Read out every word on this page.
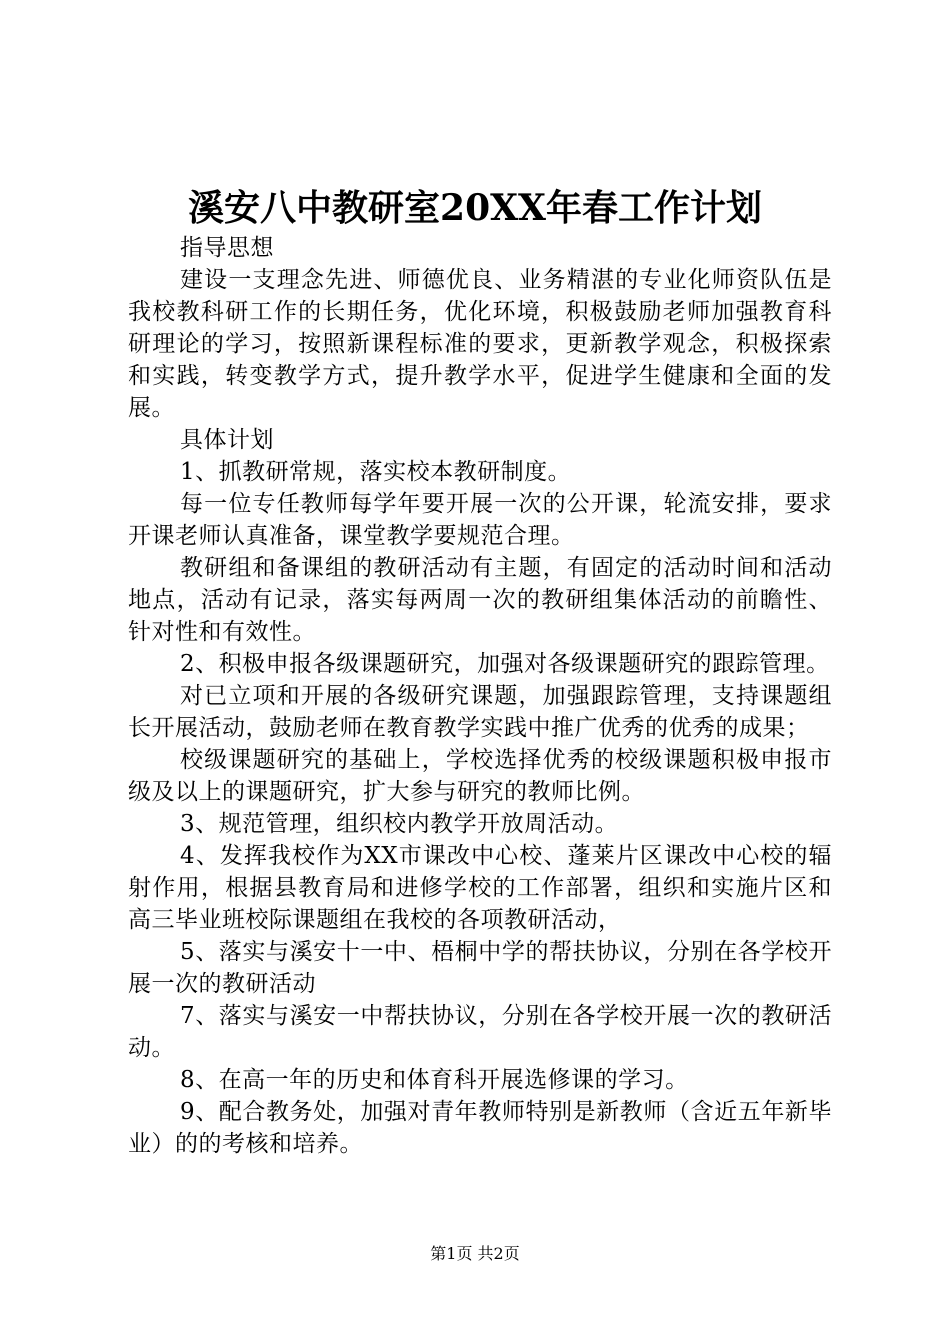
溪安八中教研室20XX年春工作计划

指导思想

建设一支理念先进、师德优良、业务精湛的专业化师资队伍是我校教科研工作的长期任务，优化环境，积极鼓励老师加强教育科研理论的学习，按照新课程标准的要求，更新教学观念，积极探索和实践，转变教学方式，提升教学水平，促进学生健康和全面的发展。

具体计划

1、抓教研常规，落实校本教研制度。

每一位专任教师每学年要开展一次的公开课，轮流安排，要求开课老师认真准备，课堂教学要规范合理。

教研组和备课组的教研活动有主题，有固定的活动时间和活动地点，活动有记录，落实每两周一次的教研组集体活动的前瞻性、针对性和有效性。

2、积极申报各级课题研究，加强对各级课题研究的跟踪管理。

对已立项和开展的各级研究课题，加强跟踪管理，支持课题组长开展活动，鼓励老师在教育教学实践中推广优秀的优秀的成果；

校级课题研究的基础上，学校选择优秀的校级课题积极申报市级及以上的课题研究，扩大参与研究的教师比例。

3、规范管理，组织校内教学开放周活动。

4、发挥我校作为XX市课改中心校、蓬莱片区课改中心校的辐射作用，根据县教育局和进修学校的工作部署，组织和实施片区和高三毕业班校际课题组在我校的各项教研活动，

5、落实与溪安十一中、梧桐中学的帮扶协议，分别在各学校开展一次的教研活动

7、落实与溪安一中帮扶协议，分别在各学校开展一次的教研活动。

8、在高一年的历史和体育科开展选修课的学习。

9、配合教务处，加强对青年教师特别是新教师（含近五年新毕业）的的考核和培养。

第1页 共2页
